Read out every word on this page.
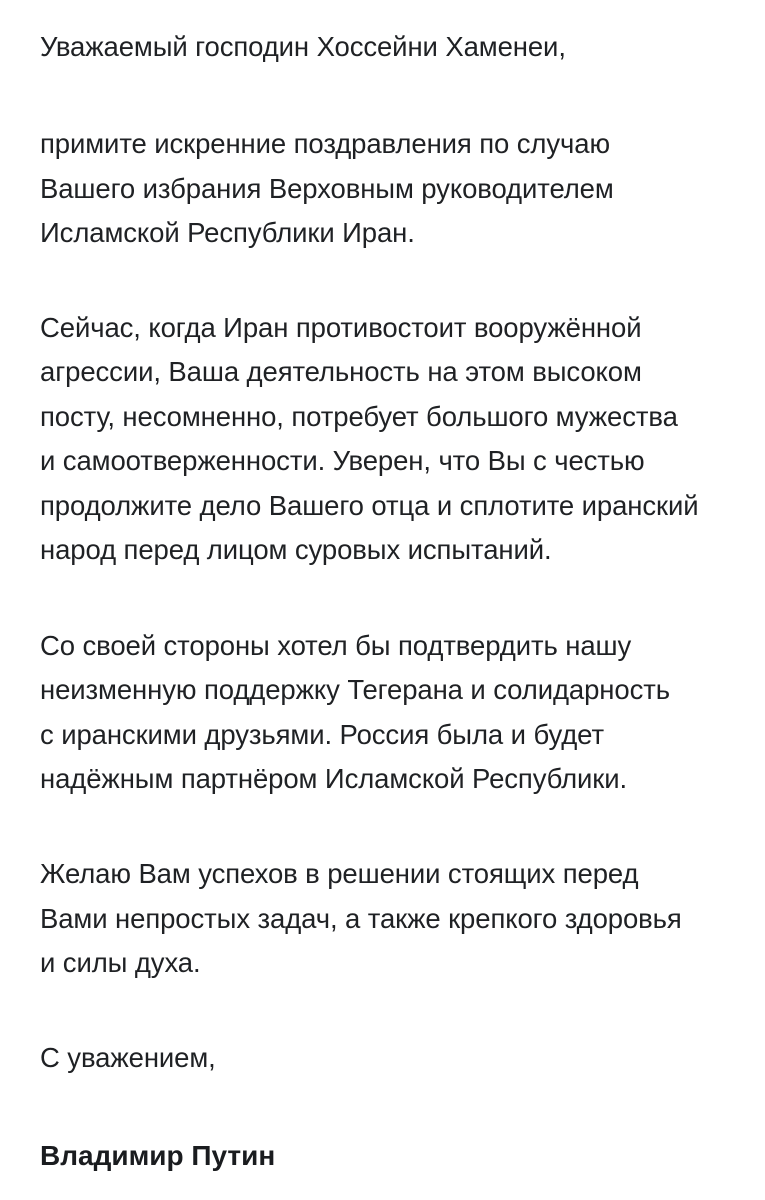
Уважаемый господин Хоссейни Хаменеи,
примите искренние поздравления по случаю
Вашего избрания Верховным руководителем
Исламской Республики Иран.
Сейчас, когда Иран противостоит вооружённой
агрессии, Ваша деятельность на этом высоком
посту, несомненно, потребует большого мужества
и самоотверженности. Уверен, что Вы с честью
продолжите дело Вашего отца и сплотите иранский
народ перед лицом суровых испытаний.
Со своей стороны хотел бы подтвердить нашу
неизменную поддержку Тегерана и солидарность
с иранскими друзьями. Россия была и будет
надёжным партнёром Исламской Республики.
Желаю Вам успехов в решении стоящих перед
Вами непростых задач, а также крепкого здоровья
и силы духа.
С уважением,
Владимир Путин
